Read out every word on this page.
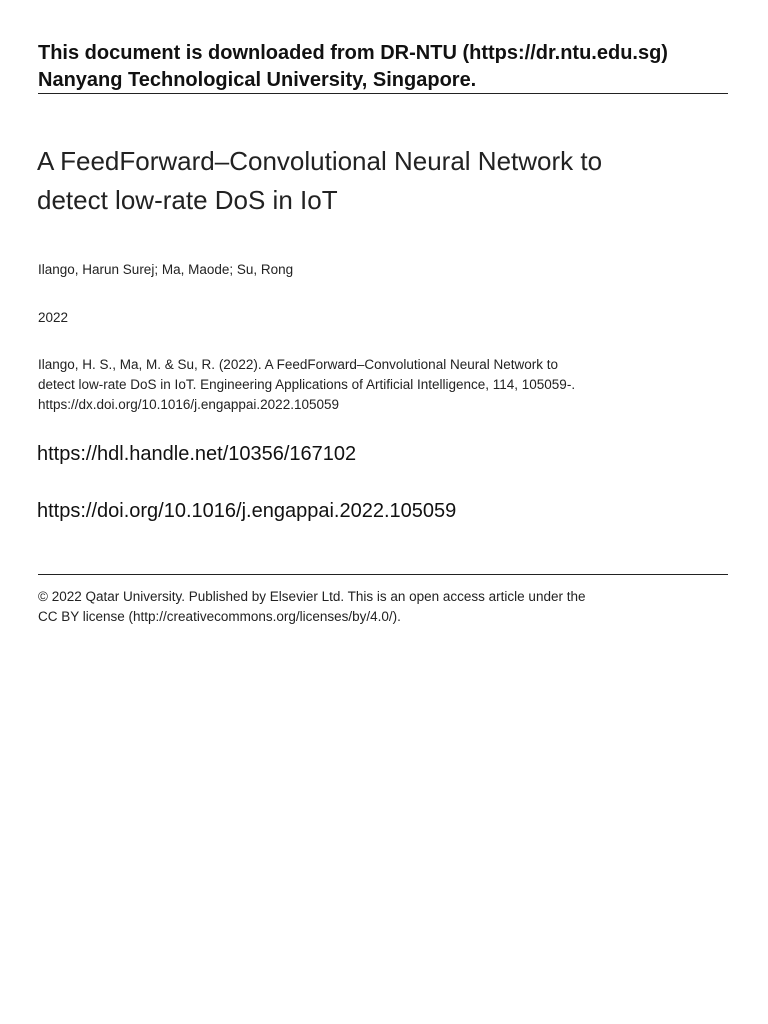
This document is downloaded from DR-NTU (https://dr.ntu.edu.sg)
Nanyang Technological University, Singapore.
A FeedForward–Convolutional Neural Network to
detect low-rate DoS in IoT
Ilango, Harun Surej; Ma, Maode; Su, Rong
2022
Ilango, H. S., Ma, M. & Su, R. (2022). A FeedForward–Convolutional Neural Network to
detect low-rate DoS in IoT. Engineering Applications of Artificial Intelligence, 114, 105059-.
https://dx.doi.org/10.1016/j.engappai.2022.105059
https://hdl.handle.net/10356/167102
https://doi.org/10.1016/j.engappai.2022.105059
© 2022 Qatar University. Published by Elsevier Ltd. This is an open access article under the
CC BY license (http://creativecommons.org/licenses/by/4.0/).
